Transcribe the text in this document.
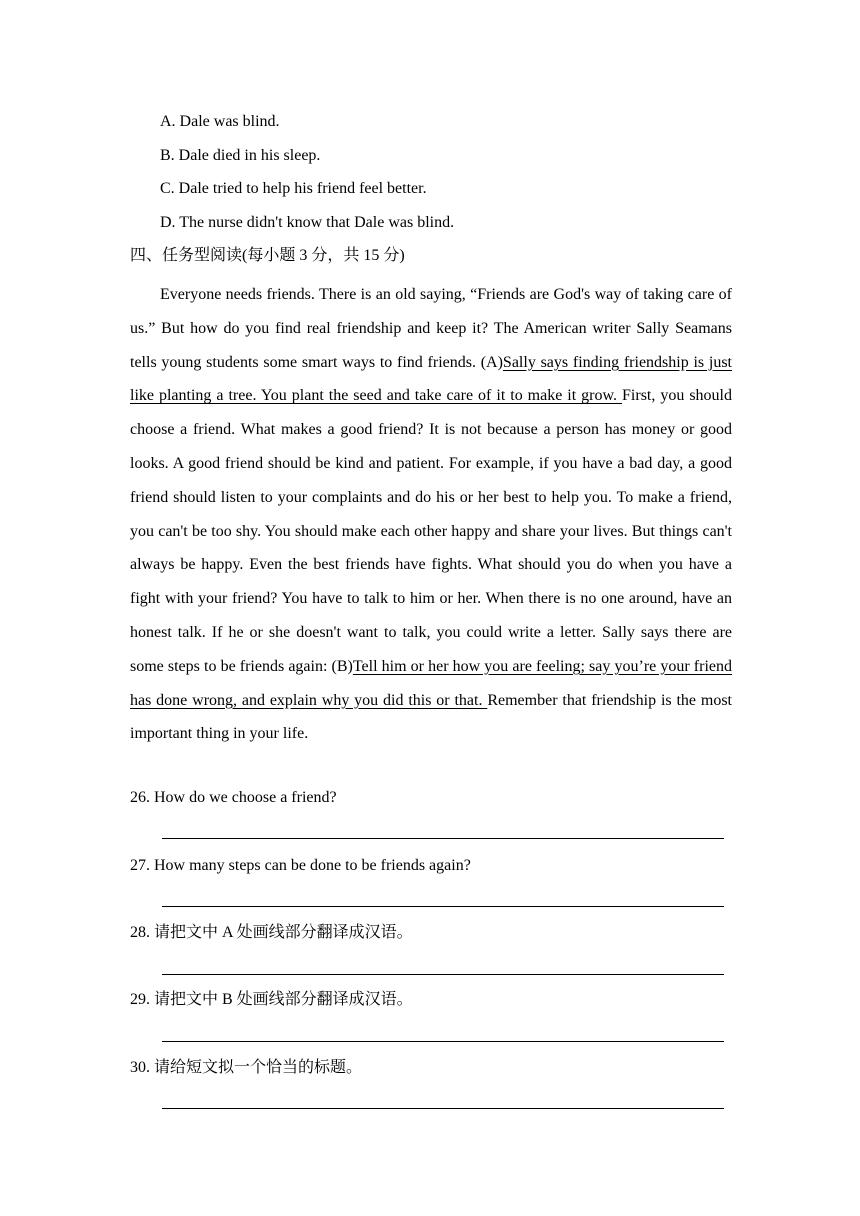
A. Dale was blind.
B. Dale died in his sleep.
C. Dale tried to help his friend feel better.
D. The nurse didn't know that Dale was blind.
四、任务型阅读(每小题 3 分，共 15 分)

Everyone needs friends. There is an old saying, “Friends are God's way of taking care of us.” But how do you find real friendship and keep it? The American writer Sally Seamans tells young students some smart ways to find friends. (A)Sally says finding friendship is just like planting a tree. You plant the seed and take care of it to make it grow. First, you should choose a friend. What makes a good friend? It is not because a person has money or good looks. A good friend should be kind and patient. For example, if you have a bad day, a good friend should listen to your complaints and do his or her best to help you. To make a friend, you can't be too shy. You should make each other happy and share your lives. But things can't always be happy. Even the best friends have fights. What should you do when you have a fight with your friend? You have to talk to him or her. When there is no one around, have an honest talk. If he or she doesn't want to talk, you could write a letter. Sally says there are some steps to be friends again: (B)Tell him or her how you are feeling; say you’re your friend has done wrong, and explain why you did this or that. Remember that friendship is the most important thing in your life.

26. How do we choose a friend?
27. How many steps can be done to be friends again?
28. 请把文中 A 处画线部分翻译成汉语。
29. 请把文中 B 处画线部分翻译成汉语。
30. 请给短文拟一个恰当的标题。
